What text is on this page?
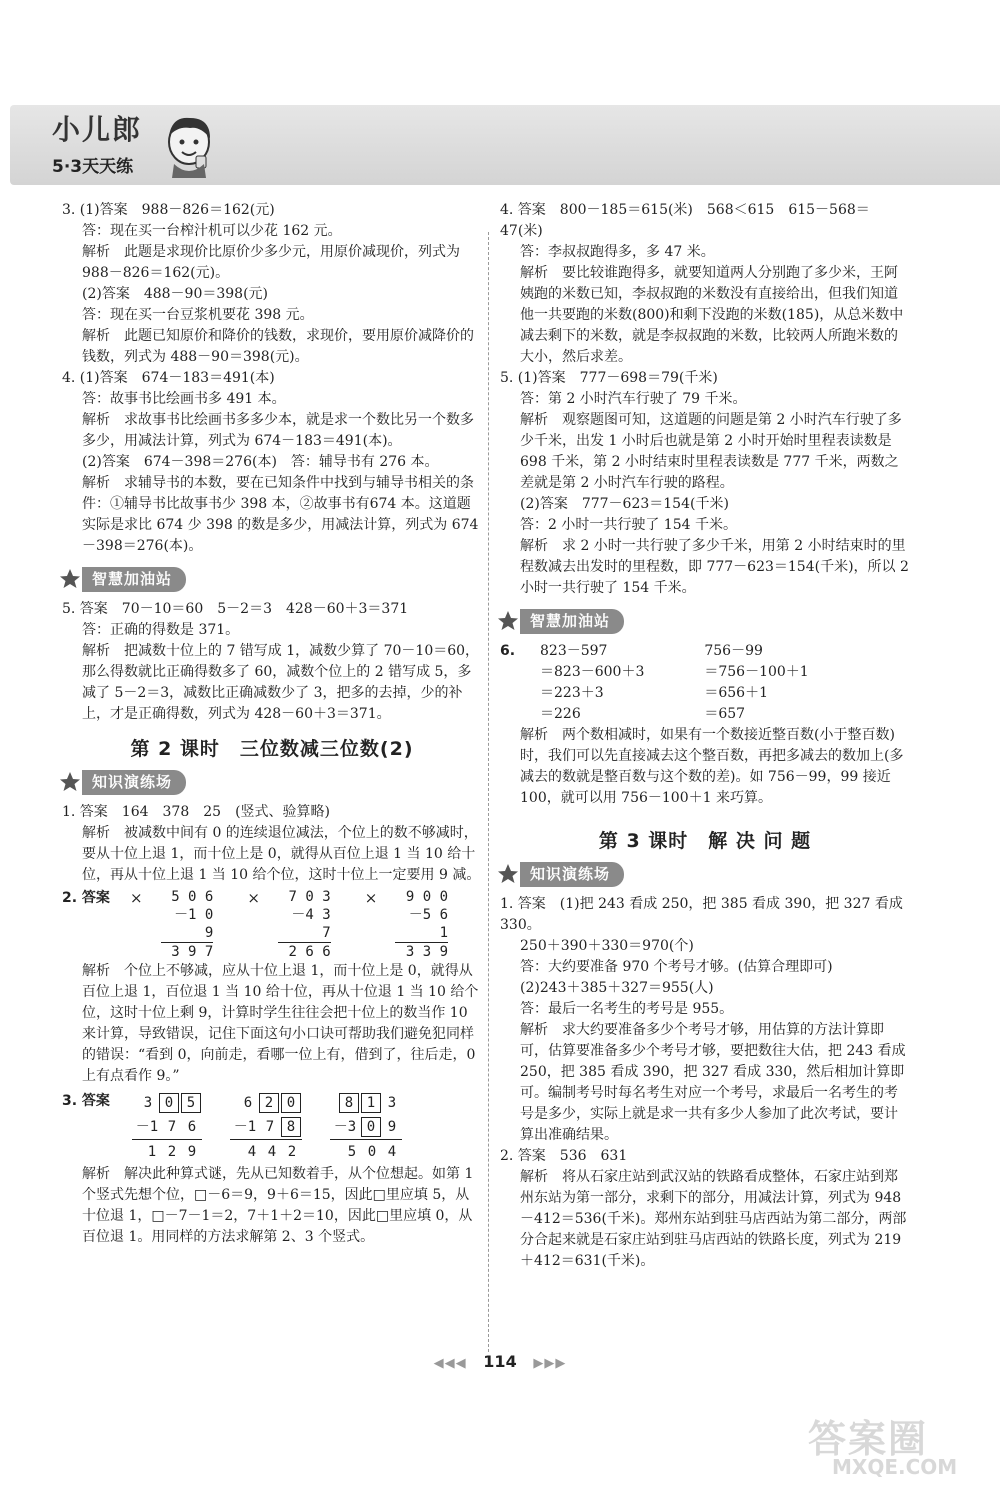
小儿郎
5·3天天练

3. (1)答案　988－826＝162(元)

答：现在买一台榨汁机可以少花 162 元。

解析　此题是求现价比原价少多少元，用原价减现价，列式为 988－826＝162(元)。

(2)答案　488－90＝398(元)

答：现在买一台豆浆机要花 398 元。

解析　此题已知原价和降价的钱数，求现价，要用原价减降价的钱数，列式为 488－90＝398(元)。

4. (1)答案　674－183＝491(本)

答：故事书比绘画书多 491 本。

解析　求故事书比绘画书多多少本，就是求一个数比另一个数多多少，用减法计算，列式为 674－183＝491(本)。

(2)答案　674－398＝276(本)　答：辅导书有 276 本。

解析　求辅导书的本数，要在已知条件中找到与辅导书相关的条件：①辅导书比故事书少 398 本，②故事书有674 本。这道题实际是求比 674 少 398 的数是多少，用减法计算，列式为 674－398＝276(本)。

智慧加油站

5. 答案　70－10＝60　5－2＝3　428－60＋3＝371

答：正确的得数是 371。

解析　把减数十位上的 7 错写成 1，减数少算了 70－10＝60，那么得数就比正确得数多了 60，减数个位上的 2 错写成 5，多减了 5－2＝3，减数比正确减数少了 3，把多的去掉，少的补上，才是正确得数，列式为 428－60＋3＝371。

第 2 课时　三位数减三位数(2)
知识演练场

1. 答案　164　378　25　(竖式、验算略)

解析　被减数中间有 0 的连续退位减法，个位上的数不够减时，要从十位上退 1，而十位上是 0，就得从百位上退 1 当 10 给十位，再从十位上退 1 当 10 给个位，这时十位上一定要用 9 减。

2. 答案	×	5 0 6
－1 0 9
3 9 7
×	7 0 3
－4 3 7
2 6 6
×	9 0 0
－5 6 1
3 3 9

解析　个位上不够减，应从十位上退 1，而十位上是 0，就得从百位上退 1，百位退 1 当 10 给十位，再从十位退 1 当 10 给个位，这时十位上剩 9，计算时学生往往会把十位上的数当作 10 来计算，导致错误，记住下面这句小口诀可帮助我们避免犯同样的错误：“看到 0，向前走，看哪一位上有，借到了，往后走，0 上有点看作 9。”

3. 答案	3 0 5
－1 7 6
1 2 9
6 2 0
－1 7 8
4 4 2
8 1 3
－3 0 9
5 0 4

解析　解决此种算式谜，先从已知数着手，从个位想起。如第 1 个竖式先想个位，□－6＝9，9＋6＝15，因此□里应填 5，从十位退 1，□－7－1＝2，7＋1＋2＝10，因此□里应填 0，从百位退 1。用同样的方法求解第 2、3 个竖式。

4. 答案　800－185＝615(米)　568＜615　615－568＝47(米)

答：李叔叔跑得多，多 47 米。

解析　要比较谁跑得多，就要知道两人分别跑了多少米，王阿姨跑的米数已知，李叔叔跑的米数没有直接给出，但我们知道他一共要跑的米数(800)和剩下没跑的米数(185)，从总米数中减去剩下的米数，就是李叔叔跑的米数，比较两人所跑米数的大小，然后求差。

5. (1)答案　777－698＝79(千米)

答：第 2 小时汽车行驶了 79 千米。

解析　观察题图可知，这道题的问题是第 2 小时汽车行驶了多少千米，出发 1 小时后也就是第 2 小时开始时里程表读数是 698 千米，第 2 小时结束时里程表读数是 777 千米，两数之差就是第 2 小时汽车行驶的路程。

(2)答案　777－623＝154(千米)

答：2 小时一共行驶了 154 千米。

解析　求 2 小时一共行驶了多少千米，用第 2 小时结束时的里程数减去出发时的里程数，即 777－623＝154(千米)，所以 2 小时一共行驶了 154 千米。

智慧加油站
6.	823－597
＝823－600＋3
＝223＋3
＝226
756－99
＝756－100＋1
＝656＋1
＝657

解析　两个数相减时，如果有一个数接近整百数(小于整百数)时，我们可以先直接减去这个整百数，再把多减去的数加上(多减去的数就是整百数与这个数的差)。如 756－99，99 接近 100，就可以用 756－100＋1 来巧算。

第 3 课时　解 决 问 题
知识演练场

1. 答案　(1)把 243 看成 250，把 385 看成 390，把 327 看成 330。

250＋390＋330＝970(个)

答：大约要准备 970 个考号才够。(估算合理即可)

(2)243＋385＋327＝955(人)

答：最后一名考生的考号是 955。

解析　求大约要准备多少个考号才够，用估算的方法计算即可，估算要准备多少个考号才够，要把数往大估，把 243 看成 250，把 385 看成 390，把 327 看成 330，然后相加计算即可。编制考号时每名考生对应一个考号，求最后一名考生的考号是多少，实际上就是求一共有多少人参加了此次考试，要计算出准确结果。

2. 答案　536　631

解析　将从石家庄站到武汉站的铁路看成整体，石家庄站到郑州东站为第一部分，求剩下的部分，用减法计算，列式为 948－412＝536(千米)。郑州东站到驻马店西站为第二部分，两部分合起来就是石家庄站到驻马店西站的铁路长度，列式为 219＋412＝631(千米)。

◀◀◀ 114 ▶▶▶
答案圈
MXQE.COM
